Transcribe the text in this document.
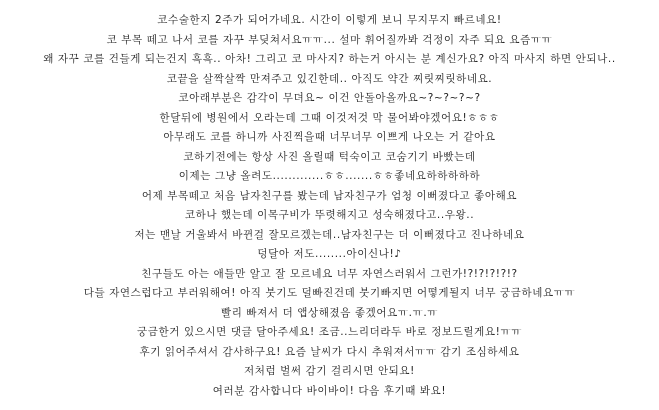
코수술한지 2주가 되어가네요. 시간이 이렇게 보니 무지무지 빠르네요!
코 부목 떼고 나서 코를 자꾸 부딪쳐서요ㅠㅠ... 설마 휘어질까봐 걱정이 자주 되요 요즘ㅠㅠ
왜 자꾸 코를 건들게 되는건지 흑흑.. 아차! 그리고 코 마사지? 하는거 아시는 분 계신가요? 아직 마사지 하면 안되나..
코끝을 살짝살짝 만져주고 있긴한데.. 아직도 약간 찌릿찌릿하네요.
코아래부분은 감각이 무뎌요~ 이건 안돌아올까요~?~?~?~?
한달뒤에 병원에서 오라는데 그때 이것저것 막 물어봐야겠어요!ㅎㅎㅎ
아무래도 코를 하니까 사진찍을때 너무너무 이쁘게 나오는 거 같아요
코하기전에는 항상 사진 올릴때 턱숙이고 코숨기기 바빴는데
이제는 그냥 올려도.............ㅎㅎ.......ㅎㅎ좋네요하하하하하
어제 부목떼고 처음 남자친구를 봤는데 남자친구가 엄청 이뻐졌다고 좋아해요
코하나 했는데 이목구비가 뚜렷해지고 성숙해졌다고..우왕..
저는 맨날 거울봐서 바뀐걸 잘모르겠는데..남자친구는 더 이뻐졌다고 진나하네요
덩달아 저도........아이신나!♪
친구들도 아는 애들만 알고 잘 모르네요 너무 자연스러워서 그런가!?!?!?!?!?
다들 자연스럽다고 부러워해여! 아직 붓기도 덜빠진건데 붓기빠지면 어떻게될지 너무 궁금하네요ㅠㅠ
빨리 빠져서 더 앱상해졌음 좋겠어요ㅠ.ㅠ.ㅠ
궁금한거 있으시면 댓글 달아주세요! 조금..느리더라두 바로 정보드릴게요!ㅠㅠ
후기 읽어주셔서 감사하구요! 요즘 날씨가 다시 추워져서ㅠㅠ 감기 조심하세요
저처럼 벌써 감기 걸리시면 안되요!
여러분 감사합니다 바이바이! 다음 후기때 봐요!
